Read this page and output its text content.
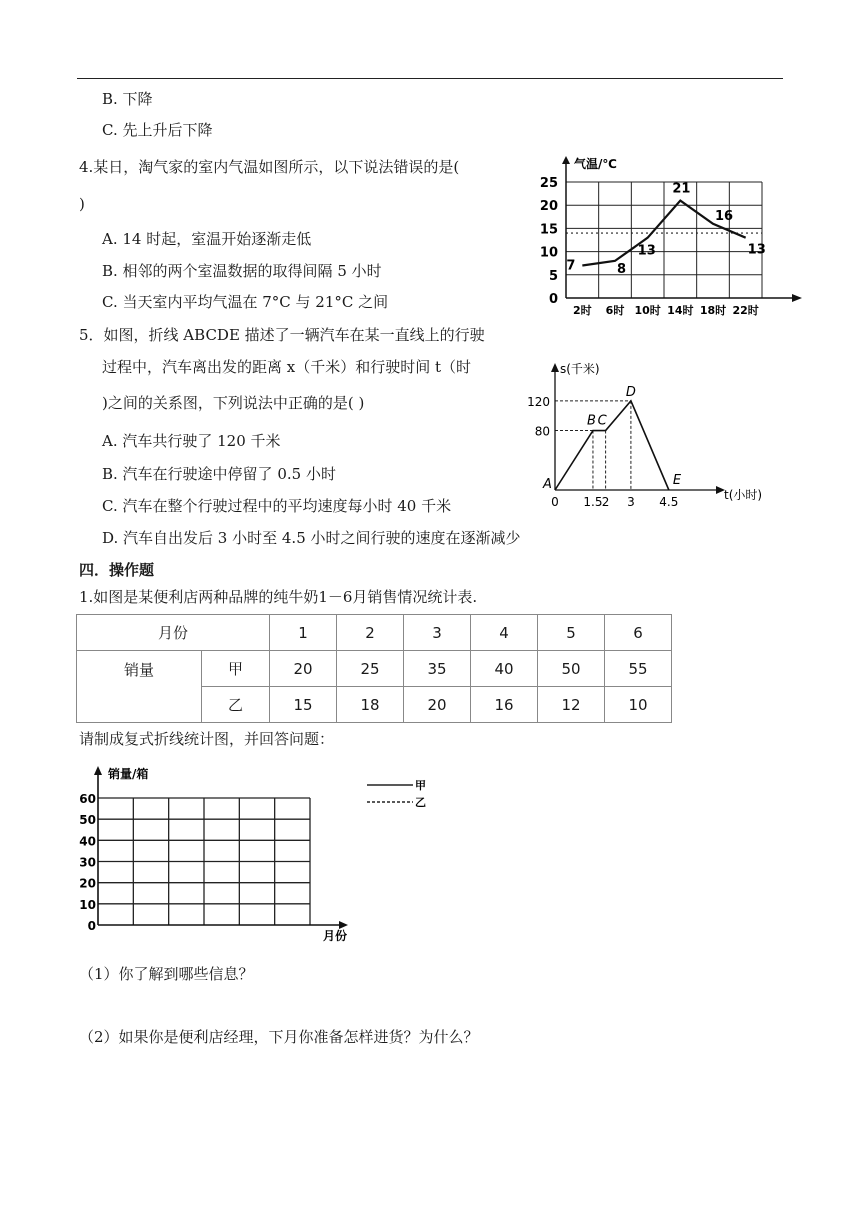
B. 下降
C. 先上升后下降
4.某日，淘气家的室内气温如图所示，以下说法错误的是(
)
A. 14 时起，室温开始逐渐走低
B. 相邻的两个室温数据的取得间隔 5 小时
C. 当天室内平均气温在 7°C 与 21°C 之间
7	8
13
21
16
13
0
5
10
15
20
25
2时 6时 10时 14时 18时 22时
气温/℃
5．如图，折线 ABCDE 描述了一辆汽车在某一直线上的行驶
过程中，汽车离出发的距离 x（千米）和行驶时间 t（时
)之间的关系图，下列说法中正确的是( )
A. 汽车共行驶了 120 千米
B. 汽车在行驶途中停留了 0.5 小时
C. 汽车在整个行驶过程中的平均速度每小时 40 千米
D. 汽车自出发后 3 小时至 4.5 小时之间行驶的速度在逐渐减少
0 1.5 2 3 4.5
80
120
A
B C
D
E
s(千米)
t(小时)
四．操作题
1.如图是某便利店两种品牌的纯牛奶1－6月销售情况统计表.
月份		1	2	3	4	5	6
销量	甲	20	25	35	40	50	55
	乙	15	18	20	16	12	10
请制成复式折线统计图，并回答问题：
0
10
20
30
40
50
60
销量/箱
月份
甲
乙
（1）你了解到哪些信息？
（2）如果你是便利店经理，下月你准备怎样进货？为什么？
